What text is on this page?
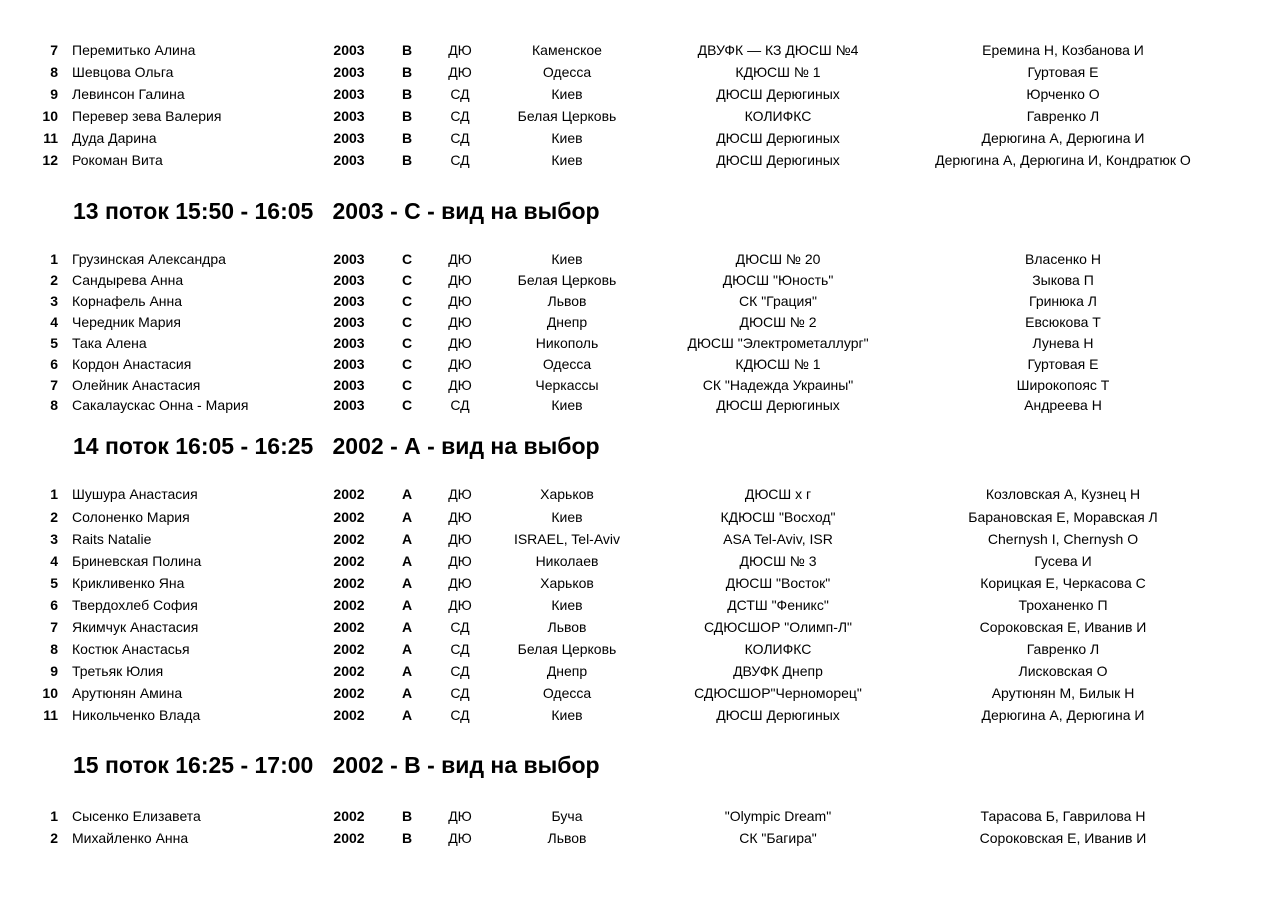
7 Перемитько Алина	2003	В	ДЮ	Каменское	ДВУФК — КЗ ДЮСШ №4	Еремина Н, Козбанова И
8 Шевцова Ольга	2003	В	ДЮ	Одесса	КДЮСШ № 1	Гуртовая Е
9 Левинсон Галина	2003	В	СД	Киев	ДЮСШ Дерюгиных	Юрченко О
10 Перевер зева Валерия	2003	В	СД	Белая Церковь	КОЛИФКС	Гавренко Л
11 Дуда Дарина	2003	В	СД	Киев	ДЮСШ Дерюгиных	Дерюгина А, Дерюгина И
12 Рокоман Вита	2003	В	СД	Киев	ДЮСШ Дерюгиных	Дерюгина А, Дерюгина И, Кондратюк О
13 поток 15:50 - 16:05   2003 - С - вид на выбор
1 Грузинская Александра	2003	С	ДЮ	Киев	ДЮСШ № 20	Власенко Н
2 Сандырева Анна	2003	С	ДЮ	Белая Церковь	ДЮСШ "Юность"	Зыкова П
3 Корнафель Анна	2003	С	ДЮ	Львов	СК "Грация"	Гринюка Л
4 Чередник Мария	2003	С	ДЮ	Днепр	ДЮСШ № 2	Евсюкова Т
5 Така Алена	2003	С	ДЮ	Никополь	ДЮСШ "Электрометаллург"	Лунева Н
6 Кордон Анастасия	2003	С	ДЮ	Одесса	КДЮСШ № 1	Гуртовая Е
7 Олейник Анастасия	2003	С	ДЮ	Черкассы	СК "Надежда Украины"	Широкопояс Т
8 Сакалаускас Онна - Мария	2003	С	СД	Киев	ДЮСШ Дерюгиных	Андреева Н
14 поток 16:05 - 16:25   2002 - А - вид на выбор
1 Шушура Анастасия	2002	А	ДЮ	Харьков	ДЮСШ х г	Козловская А, Кузнец Н
2 Солоненко Мария	2002	А	ДЮ	Киев	КДЮСШ "Восход"	Барановская Е, Моравская Л
3 Raits Natalie	2002	А	ДЮ	ISRAEL, Tel-Aviv	ASA Tel-Aviv, ISR	Chernysh I, Chernysh O
4 Бриневская Полина	2002	А	ДЮ	Николаев	ДЮСШ № 3	Гусева И
5 Крикливенко Яна	2002	А	ДЮ	Харьков	ДЮСШ "Восток"	Корицкая Е, Черкасова С
6 Твердохлеб София	2002	А	ДЮ	Киев	ДСТШ "Феникс"	Троханенко П
7 Якимчук Анастасия	2002	А	СД	Львов	СДЮСШОР "Олимп-Л"	Сороковская Е, Иванив И
8 Костюк Анастасья	2002	А	СД	Белая Церковь	КОЛИФКС	Гавренко Л
9 Третьяк Юлия	2002	А	СД	Днепр	ДВУФК Днепр	Лисковская О
10 Арутюнян Амина	2002	А	СД	Одесса	СДЮСШОР"Черноморец"	Арутюнян М, Билык Н
11 Никольченко Влада	2002	А	СД	Киев	ДЮСШ Дерюгиных	Дерюгина А, Дерюгина И
15 поток 16:25 - 17:00   2002 - В - вид на выбор
1 Сысенко Елизавета	2002	В	ДЮ	Буча	"Olympic Dream"	Тарасова Б, Гаврилова Н
2 Михайленко Анна	2002	В	ДЮ	Львов	СК "Багира"	Сороковская Е, Иванив И
